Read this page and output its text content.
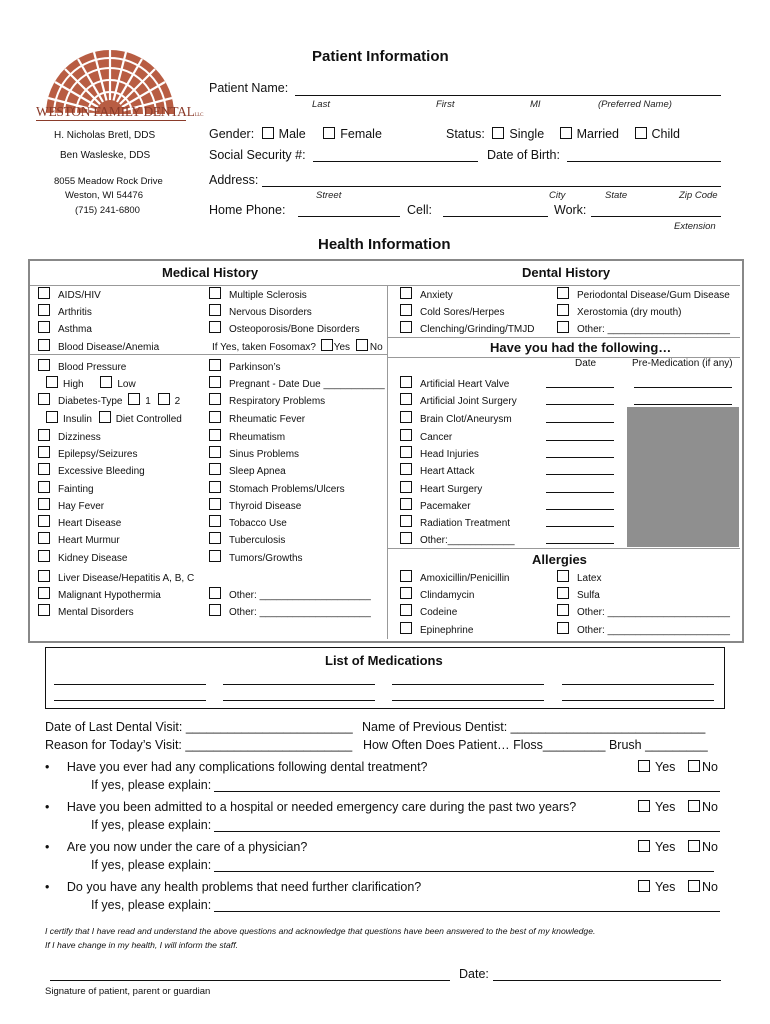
WESTON FAMILY DENTALLLC
H. Nicholas Bretl, DDS
Ben Wasleske, DDS
8055 Meadow Rock Drive
Weston, WI 54476
(715) 241-6800
Patient Information
Patient Name:
Last	First	MI	(Preferred Name)
Gender: Male	Female	Status: Single	Married	Child
Social Security #:	Date of Birth:
Address:
Street	City	State	Zip Code
Home Phone:	Cell:	Work:
Extension
Health Information
Medical History	Dental History
AIDS/HIV
Arthritis
Asthma
Blood Disease/Anemia
Blood Pressure
High	Low
Diabetes-Type 1 2
Insulin Diet Controlled
Dizziness
Epilepsy/Seizures
Excessive Bleeding
Fainting
Hay Fever
Heart Disease
Heart Murmur
Kidney Disease
Liver Disease/Hepatitis A, B, C
Malignant Hypothermia
Mental Disorders
Multiple Sclerosis
Nervous Disorders
Osteoporosis/Bone Disorders
If Yes, taken Fosomax? Yes No
Parkinson’s
Pregnant - Date Due ___________
Respiratory Problems
Rheumatic Fever
Rheumatism
Sinus Problems
Sleep Apnea
Stomach Problems/Ulcers
Thyroid Disease
Tobacco Use
Tuberculosis
Tumors/Growths
Other: ____________________
Other: ____________________
Anxiety
Cold Sores/Herpes
Clenching/Grinding/TMJD
Periodontal Disease/Gum Disease
Xerostomia (dry mouth)
Other: ______________________
Have you had the following…
Date	Pre-Medication (if any)
Artificial Heart Valve
Artificial Joint Surgery
Brain Clot/Aneurysm
Cancer
Head Injuries
Heart Attack
Heart Surgery
Pacemaker
Radiation Treatment
Other:____________
Allergies
Amoxicillin/Penicillin
Clindamycin
Codeine
Epinephrine
Latex
Sulfa
Other: ______________________
Other: ______________________
List of Medications
Date of Last Dental Visit: ________________________ Name of Previous Dentist: ____________________________
Reason for Today’s Visit: ________________________ How Often Does Patient… Floss_________ Brush _________
• Have you ever had any complications following dental treatment?	Yes	No
If yes, please explain:
• Have you been admitted to a hospital or needed emergency care during the past two years?	Yes	No
If yes, please explain:
• Are you now under the care of a physician?	Yes	No
If yes, please explain:
• Do you have any health problems that need further clarification?	Yes	No
If yes, please explain:
I certify that I have read and understand the above questions and acknowledge that questions have been answered to the best of my knowledge.
If I have change in my health, I will inform the staff.
Date:
Signature of patient, parent or guardian
